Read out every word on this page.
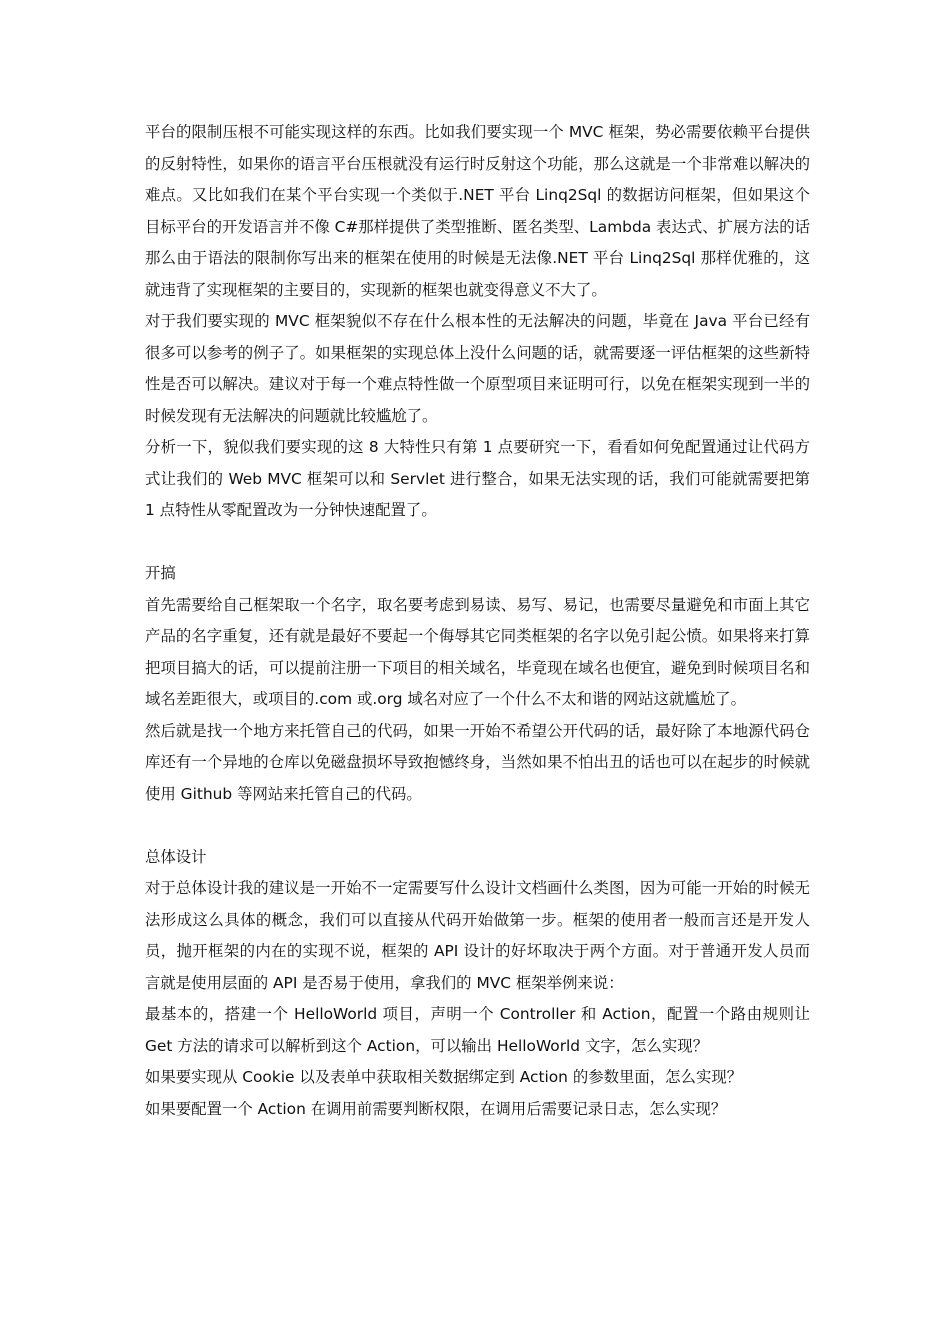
平台的限制压根不可能实现这样的东西。比如我们要实现一个 MVC 框架，势必需要依赖平台提供的反射特性，如果你的语言平台压根就没有运行时反射这个功能，那么这就是一个非常难以解决的难点。又比如我们在某个平台实现一个类似于.NET 平台 Linq2Sql 的数据访问框架，但如果这个目标平台的开发语言并不像 C#那样提供了类型推断、匿名类型、Lambda 表达式、扩展方法的话那么由于语法的限制你写出来的框架在使用的时候是无法像.NET 平台 Linq2Sql 那样优雅的，这就违背了实现框架的主要目的，实现新的框架也就变得意义不大了。

对于我们要实现的 MVC 框架貌似不存在什么根本性的无法解决的问题，毕竟在 Java 平台已经有很多可以参考的例子了。如果框架的实现总体上没什么问题的话，就需要逐一评估框架的这些新特性是否可以解决。建议对于每一个难点特性做一个原型项目来证明可行，以免在框架实现到一半的时候发现有无法解决的问题就比较尴尬了。

分析一下，貌似我们要实现的这 8 大特性只有第 1 点要研究一下，看看如何免配置通过让代码方式让我们的 Web MVC 框架可以和 Servlet 进行整合，如果无法实现的话，我们可能就需要把第 1 点特性从零配置改为一分钟快速配置了。

开搞

首先需要给自己框架取一个名字，取名要考虑到易读、易写、易记，也需要尽量避免和市面上其它产品的名字重复，还有就是最好不要起一个侮辱其它同类框架的名字以免引起公愤。如果将来打算把项目搞大的话，可以提前注册一下项目的相关域名，毕竟现在域名也便宜，避免到时候项目名和域名差距很大，或项目的.com 或.org 域名对应了一个什么不太和谐的网站这就尴尬了。

然后就是找一个地方来托管自己的代码，如果一开始不希望公开代码的话，最好除了本地源代码仓库还有一个异地的仓库以免磁盘损坏导致抱憾终身，当然如果不怕出丑的话也可以在起步的时候就使用 Github 等网站来托管自己的代码。

总体设计

对于总体设计我的建议是一开始不一定需要写什么设计文档画什么类图，因为可能一开始的时候无法形成这么具体的概念，我们可以直接从代码开始做第一步。框架的使用者一般而言还是开发人员，抛开框架的内在的实现不说，框架的 API 设计的好坏取决于两个方面。对于普通开发人员而言就是使用层面的 API 是否易于使用，拿我们的 MVC 框架举例来说：

最基本的，搭建一个 HelloWorld 项目，声明一个 Controller 和 Action，配置一个路由规则让 Get 方法的请求可以解析到这个 Action，可以输出 HelloWorld 文字，怎么实现？

如果要实现从 Cookie 以及表单中获取相关数据绑定到 Action 的参数里面，怎么实现？

如果要配置一个 Action 在调用前需要判断权限，在调用后需要记录日志，怎么实现？
